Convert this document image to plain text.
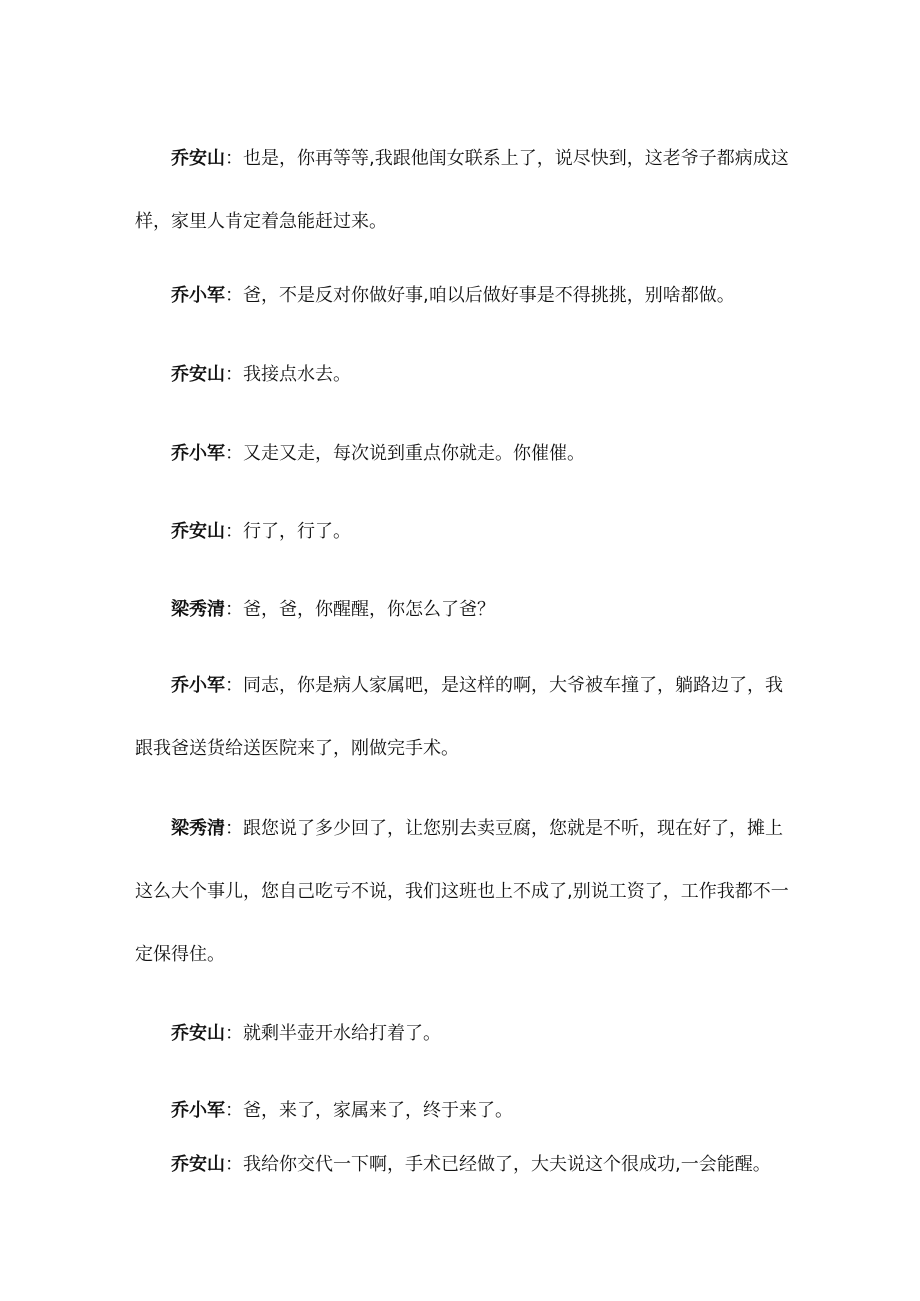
乔安山：也是，你再等等,我跟他闺女联系上了，说尽快到，这老爷子都病成这样，家里人肯定着急能赶过来。

乔小军：爸，不是反对你做好事,咱以后做好事是不得挑挑，别啥都做。

乔安山：我接点水去。

乔小军：又走又走，每次说到重点你就走。你催催。

乔安山：行了，行了。

梁秀清：爸，爸，你醒醒，你怎么了爸？

乔小军：同志，你是病人家属吧，是这样的啊，大爷被车撞了，躺路边了，我跟我爸送货给送医院来了，刚做完手术。

梁秀清：跟您说了多少回了，让您别去卖豆腐，您就是不听，现在好了，摊上这么大个事儿，您自己吃亏不说，我们这班也上不成了,别说工资了，工作我都不一定保得住。

乔安山：就剩半壶开水给打着了。

乔小军：爸，来了，家属来了，终于来了。

乔安山：我给你交代一下啊，手术已经做了，大夫说这个很成功,一会能醒。
